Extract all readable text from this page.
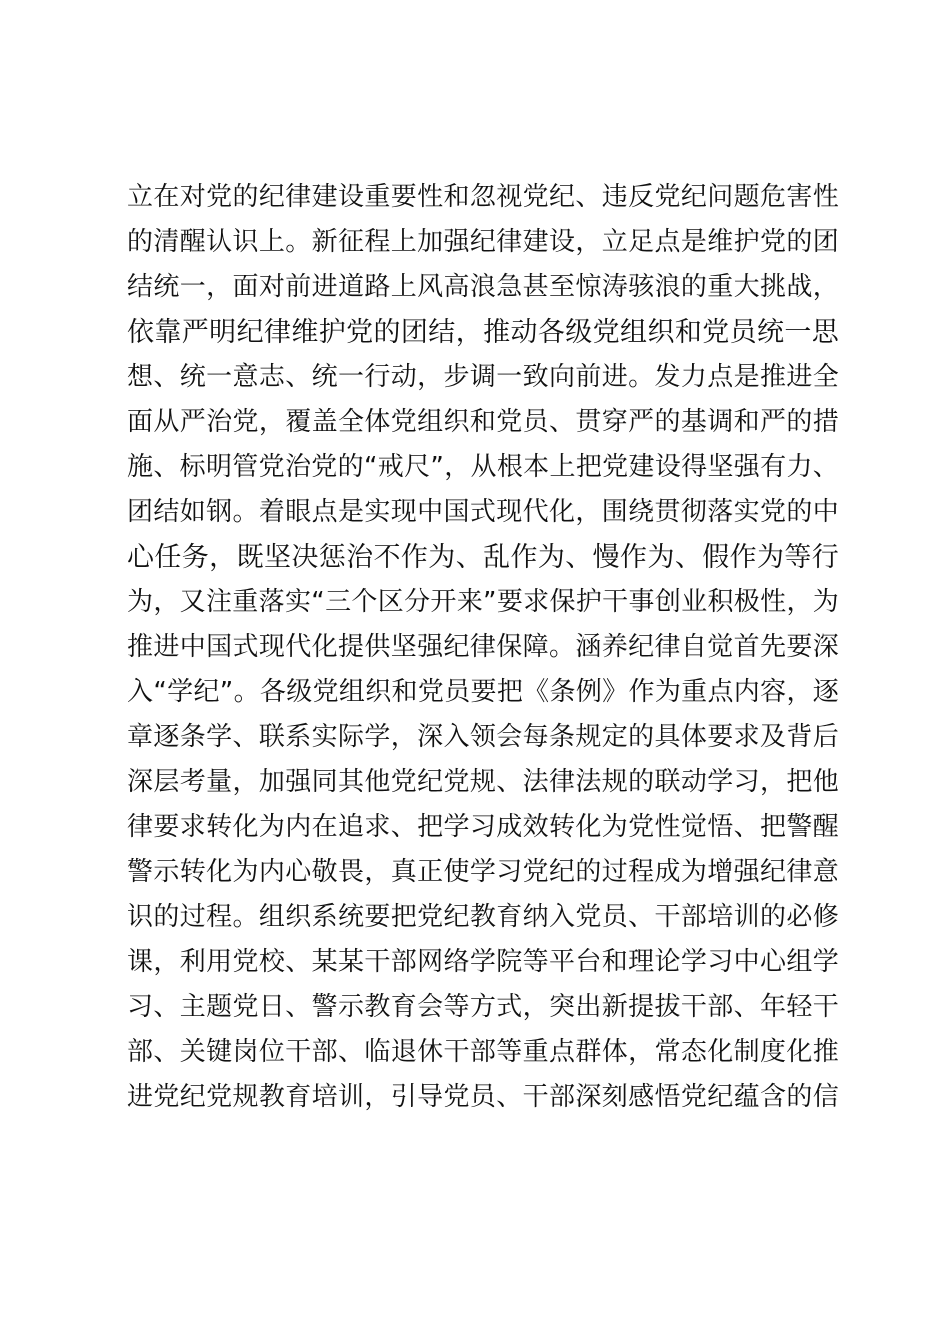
立在对党的纪律建设重要性和忽视党纪、违反党纪问题危害性
的清醒认识上。新征程上加强纪律建设，立足点是维护党的团
结统一，面对前进道路上风高浪急甚至惊涛骇浪的重大挑战，
依靠严明纪律维护党的团结，推动各级党组织和党员统一思
想、统一意志、统一行动，步调一致向前进。发力点是推进全
面从严治党，覆盖全体党组织和党员、贯穿严的基调和严的措
施、标明管党治党的“戒尺”，从根本上把党建设得坚强有力、
团结如钢。着眼点是实现中国式现代化，围绕贯彻落实党的中
心任务，既坚决惩治不作为、乱作为、慢作为、假作为等行
为，又注重落实“三个区分开来”要求保护干事创业积极性，为
推进中国式现代化提供坚强纪律保障。涵养纪律自觉首先要深
入“学纪”。各级党组织和党员要把《条例》作为重点内容，逐
章逐条学、联系实际学，深入领会每条规定的具体要求及背后
深层考量，加强同其他党纪党规、法律法规的联动学习，把他
律要求转化为内在追求、把学习成效转化为党性觉悟、把警醒
警示转化为内心敬畏，真正使学习党纪的过程成为增强纪律意
识的过程。组织系统要把党纪教育纳入党员、干部培训的必修
课，利用党校、某某干部网络学院等平台和理论学习中心组学
习、主题党日、警示教育会等方式，突出新提拔干部、年轻干
部、关键岗位干部、临退休干部等重点群体，常态化制度化推
进党纪党规教育培训，引导党员、干部深刻感悟党纪蕴含的信
